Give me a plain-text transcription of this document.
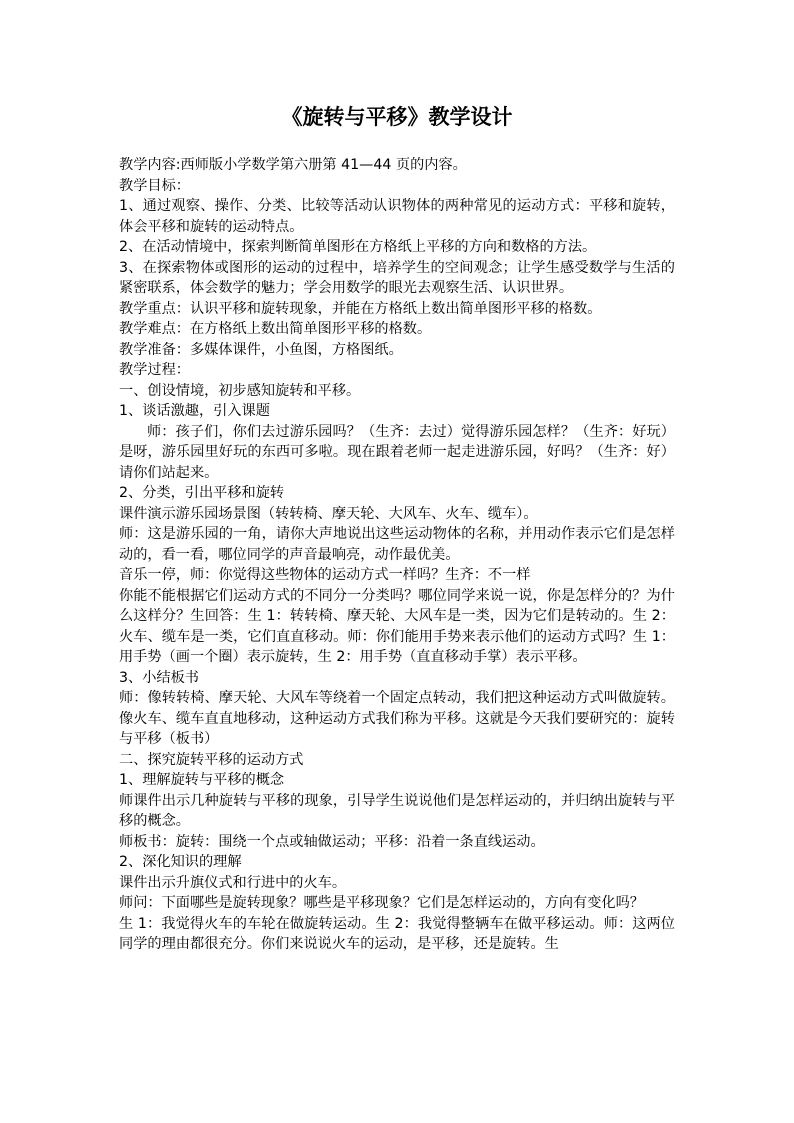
《旋转与平移》教学设计

教学内容:西师版小学数学第六册第 41—44 页的内容。

教学目标：

1、通过观察、操作、分类、比较等活动认识物体的两种常见的运动方式：平移和旋转，体会平移和旋转的运动特点。

2、在活动情境中，探索判断简单图形在方格纸上平移的方向和数格的方法。

3、在探索物体或图形的运动的过程中，培养学生的空间观念；让学生感受数学与生活的紧密联系，体会数学的魅力；学会用数学的眼光去观察生活、认识世界。

教学重点：认识平移和旋转现象，并能在方格纸上数出简单图形平移的格数。

教学难点：在方格纸上数出简单图形平移的格数。

教学准备：多媒体课件，小鱼图，方格图纸。

教学过程：

一、创设情境，初步感知旋转和平移。

1、谈话激趣，引入课题

师：孩子们，你们去过游乐园吗？（生齐：去过）觉得游乐园怎样？（生齐：好玩）是呀，游乐园里好玩的东西可多啦。现在跟着老师一起走进游乐园，好吗？（生齐：好）请你们站起来。

2、分类，引出平移和旋转

课件演示游乐园场景图（转转椅、摩天轮、大风车、火车、缆车）。

师：这是游乐园的一角，请你大声地说出这些运动物体的名称，并用动作表示它们是怎样动的，看一看，哪位同学的声音最响亮，动作最优美。

音乐一停，师：你觉得这些物体的运动方式一样吗？生齐：不一样

你能不能根据它们运动方式的不同分一分类吗？哪位同学来说一说，你是怎样分的？为什么这样分？生回答：生 1：转转椅、摩天轮、大风车是一类，因为它们是转动的。生 2：火车、缆车是一类，它们直直移动。师：你们能用手势来表示他们的运动方式吗？生 1：用手势（画一个圈）表示旋转，生 2：用手势（直直移动手掌）表示平移。

3、小结板书

师：像转转椅、摩天轮、大风车等绕着一个固定点转动，我们把这种运动方式叫做旋转。像火车、缆车直直地移动，这种运动方式我们称为平移。这就是今天我们要研究的：旋转与平移（板书）

二、探究旋转平移的运动方式

1、理解旋转与平移的概念

师课件出示几种旋转与平移的现象，引导学生说说他们是怎样运动的，并归纳出旋转与平移的概念。

师板书：旋转：围绕一个点或轴做运动；平移：沿着一条直线运动。

2、深化知识的理解

课件出示升旗仪式和行进中的火车。

师问：下面哪些是旋转现象？哪些是平移现象？它们是怎样运动的，方向有变化吗？

生 1：我觉得火车的车轮在做旋转运动。生 2：我觉得整辆车在做平移运动。师：这两位同学的理由都很充分。你们来说说火车的运动，是平移，还是旋转。生
